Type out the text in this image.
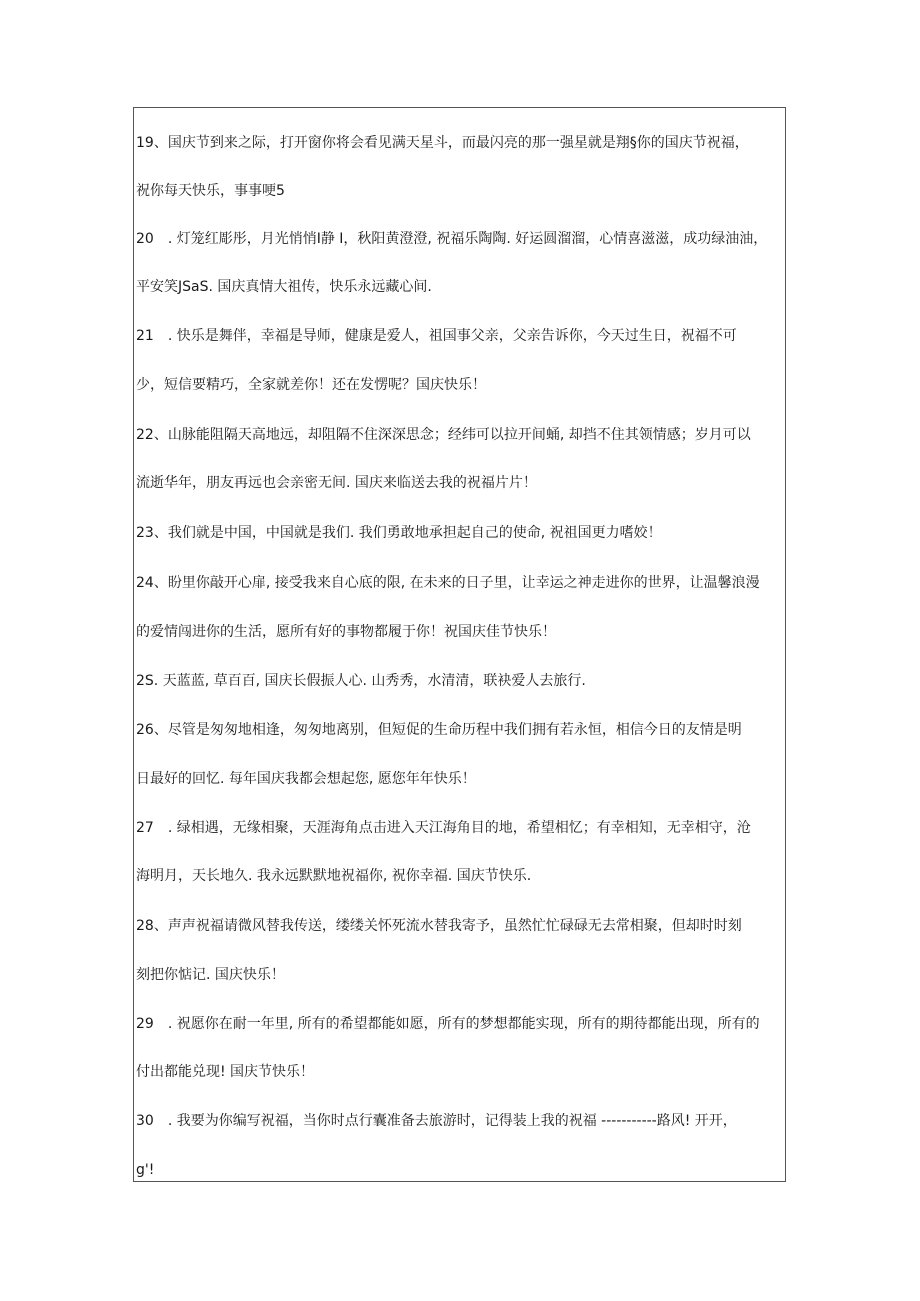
19、国庆节到来之际，打开窗你将会看见满天星斗，而最闪亮的那一强星就是翔§你的国庆节祝福，
祝你每天快乐，事事哽5
20　. 灯笼红彫彤，月光悄悄I静 I，秋阳黄澄澄, 祝福乐陶陶. 好运圆溜溜，心情喜滋滋，成功绿油油，
平安笑JSaS. 国庆真情大祖传，快乐永远藏心间.
21　. 快乐是舞伴，幸福是导师，健康是爱人，祖国事父亲，父亲告诉你，今天过生日，祝福不可
少，短信要精巧，全家就差你！还在发愣呢？国庆快乐！
22、山脉能阻隔天高地远，却阻隔不住深深思念；经纬可以拉开间蛹, 却挡不住其领情感；岁月可以
流逝华年，朋友再远也会亲密无间. 国庆来临送去我的祝福片片！
23、我们就是中国，中国就是我们. 我们勇敢地承担起自己的使命, 祝祖国更力嗜姣！
24、盼里你敲开心扉, 接受我来自心底的限, 在未来的日子里，让幸运之神走进你的世界，让温馨浪漫
的爱情闯进你的生活，愿所有好的事物都履于你！祝国庆佳节快乐！
2S. 天蓝蓝, 草百百, 国庆长假振人心. 山秀秀，水清清，联袂爱人去旅行.
26、尽管是匆匆地相逢，匆匆地离别，但短促的生命历程中我们拥有若永恒，相信今日的友情是明
日最好的回忆. 每年国庆我都会想起您, 愿您年年快乐！
27　. 绿相遇，无缘相聚，天涯海角点击进入天江海角目的地，希望相忆；有幸相知，无幸相守，沧
海明月，天长地久. 我永远默默地祝福你, 祝你幸福. 国庆节快乐.
28、声声祝福请微风替我传送，缕缕关怀死流水替我寄予，虽然忙忙碌碌无去常相聚，但却时时刻
刻把你惦记. 国庆快乐！
29　. 祝愿你在耐一年里, 所有的希望都能如愿，所有的梦想都能实现，所有的期待都能出现，所有的
付出都能兑现! 国庆节快乐！
30　. 我要为你编写祝福，当你时点行囊准备去旅游时，记得装上我的祝福 -----------路风! 开开，
g'!
